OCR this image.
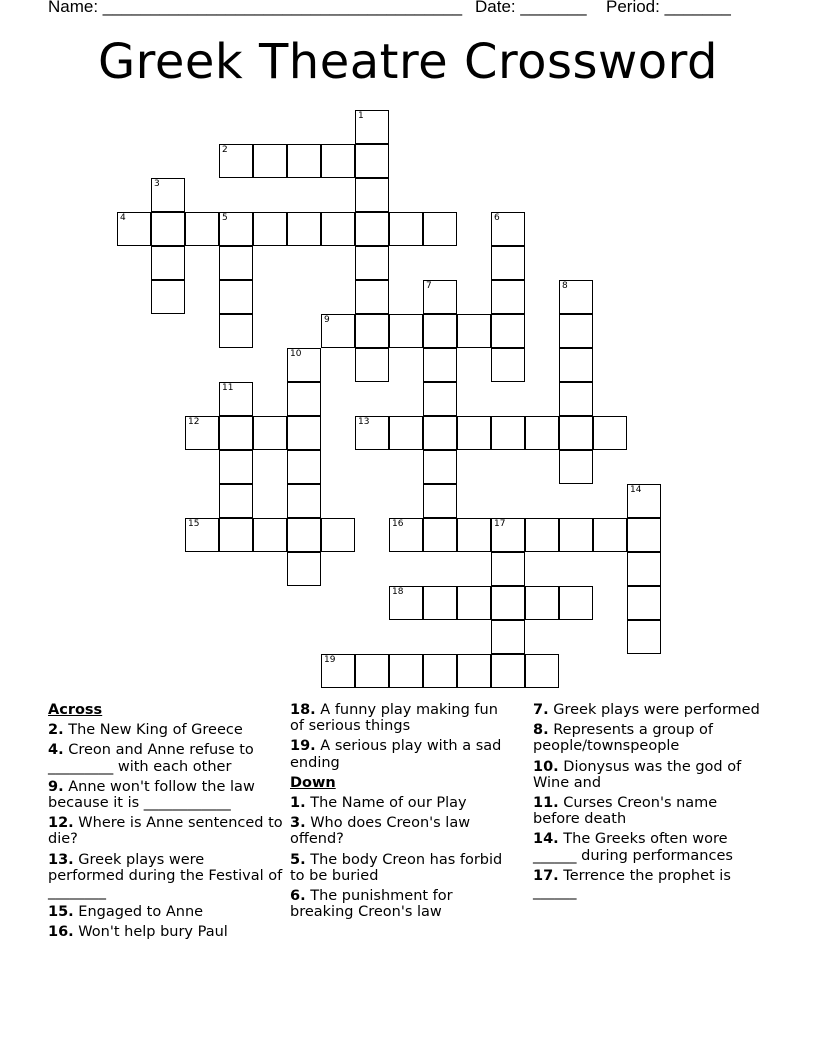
Name: ______________________________________ Date: _______ Period: _______
Greek Theatre Crossword
2
4	5
9
12	13
15	16	17
18
19
1
3
6
7	8
10
11
14
Across
2. The New King of Greece
4. Creon and Anne refuse to _________ with each other
9. Anne won't follow the law because it is ____________
12. Where is Anne sentenced to die?
13. Greek plays were performed during the Festival of ________
15. Engaged to Anne
16. Won't help bury Paul
18. A funny play making fun of serious things
19. A serious play with a sad ending
Down
1. The Name of our Play
3. Who does Creon's law offend?
5. The body Creon has forbid to be buried
6. The punishment for breaking Creon's law
7. Greek plays were performed
8. Represents a group of people/townspeople
10. Dionysus was the god of Wine and
11. Curses Creon's name before death
14. The Greeks often wore ______ during performances
17. Terrence the prophet is ______
